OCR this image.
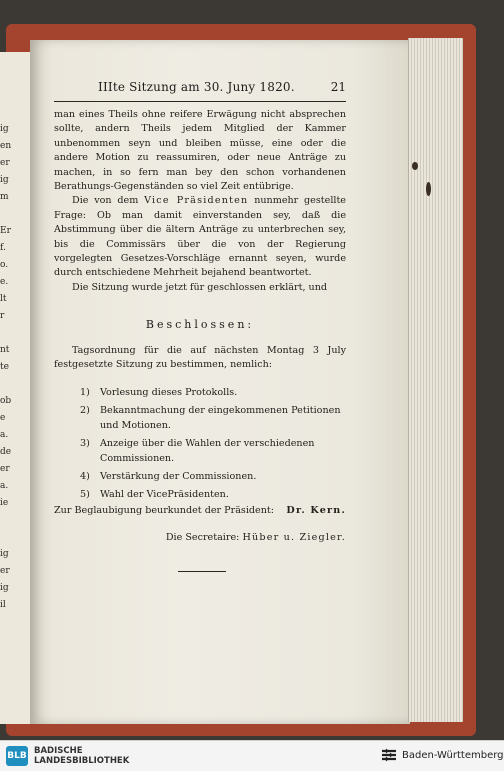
ig
en
er
ig
m
Er
f.
o.
e.
lt
r
nt
te
ob
e
a.
de
er
a.
ie
ig
er
ig
il
IIIte Sitzung am 30. Juny 1820.	21

man eines Theils ohne reifere Erwägung nicht absprechen sollte, andern Theils jedem Mitglied der Kammer unbenommen seyn und bleiben müsse, eine oder die andere Motion zu reassumiren, oder neue Anträge zu machen, in so fern man bey den schon vorhandenen Berathungs-Gegenständen so viel Zeit entübrige.

Die von dem Vice Präsidenten nunmehr gestellte Frage: Ob man damit einverstanden sey, daß die Abstimmung über die ältern Anträge zu unterbrechen sey, bis die Commissärs über die von der Regierung vorgelegten Gesetzes-Vorschläge ernannt seyen, wurde durch entschiedene Mehrheit bejahend beantwortet.

Die Sitzung wurde jetzt für geschlossen erklärt, und

Beschlossen:

Tagsordnung für die auf nächsten Montag 3 July festgesetzte Sitzung zu bestimmen, nemlich:

1)	Vorlesung dieses Protokolls.
2)	Bekanntmachung der eingekommenen Petitionen und Motionen.
3)	Anzeige über die Wahlen der verschiedenen Commissionen.
4)	Verstärkung der Commissionen.
5)	Wahl der VicePräsidenten.
Zur Beglaubigung beurkundet der Präsident: Dr. Kern.
Die Secretaire: Hüber u. Ziegler.
BLB BADISCHE
LANDESBIBLIOTHEK	Baden-Württemberg
